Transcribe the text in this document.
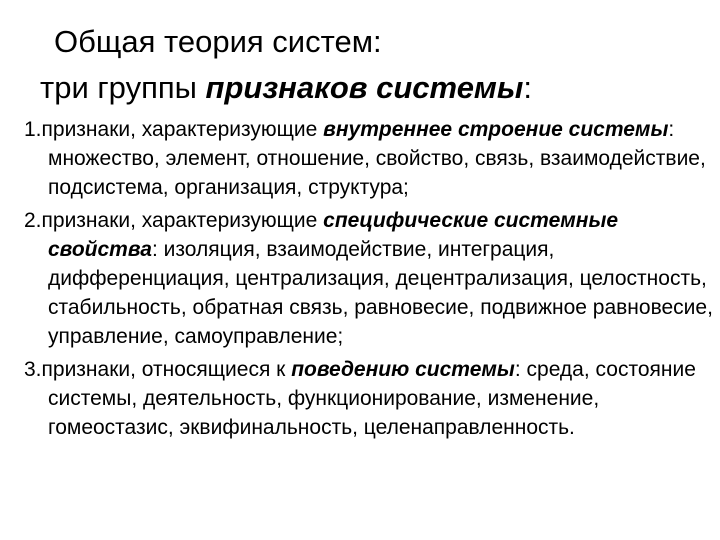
Общая теория систем:
три группы признаков системы:
1.признаки, характеризующие внутреннее строение системы: множество, элемент, отношение, свойство, связь, взаимодействие, подсистема, организация, структура;
2.признаки, характеризующие специфические системные свойства: изоляция, взаимодействие, интеграция, дифференциация, централизация, децентрализация, целостность, стабильность, обратная связь, равновесие, подвижное равновесие, управление, самоуправление;
3.признаки, относящиеся к поведению системы: среда, состояние системы, деятельность, функционирование, изменение, гомеостазис, эквифинальность, целенаправленность.
